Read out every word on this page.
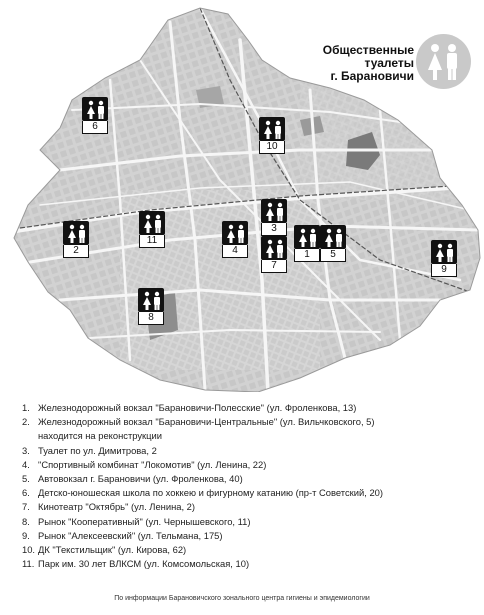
Общественные
туалеты
г. Барановичи
6
10
2
11
4
3
7
1	5
9
8
1. Железнодорожный вокзал "Барановичи-Полесские" (ул. Фроленкова, 13)
2. Железнодорожный вокзал "Барановичи-Центральные" (ул. Вильчковского, 5)
находится на реконструкции
3. Туалет по ул. Димитрова, 2
4. "Спортивный комбинат "Локомотив" (ул. Ленина, 22)
5. Автовокзал г. Барановичи (ул. Фроленкова, 40)
6. Детско-юношеская школа по хоккею и фигурному катанию (пр-т Советский, 20)
7. Кинотеатр "Октябрь" (ул. Ленина, 2)
8. Рынок "Кооперативный" (ул. Чернышевского, 11)
9. Рынок "Алексеевский" (ул. Тельмана, 175)
10. ДК "Текстильщик" (ул. Кирова, 62)
11. Парк им. 30 лет ВЛКСМ (ул. Комсомольская, 10)
По информации Барановичского зонального центра гигиены и эпидемиологии
